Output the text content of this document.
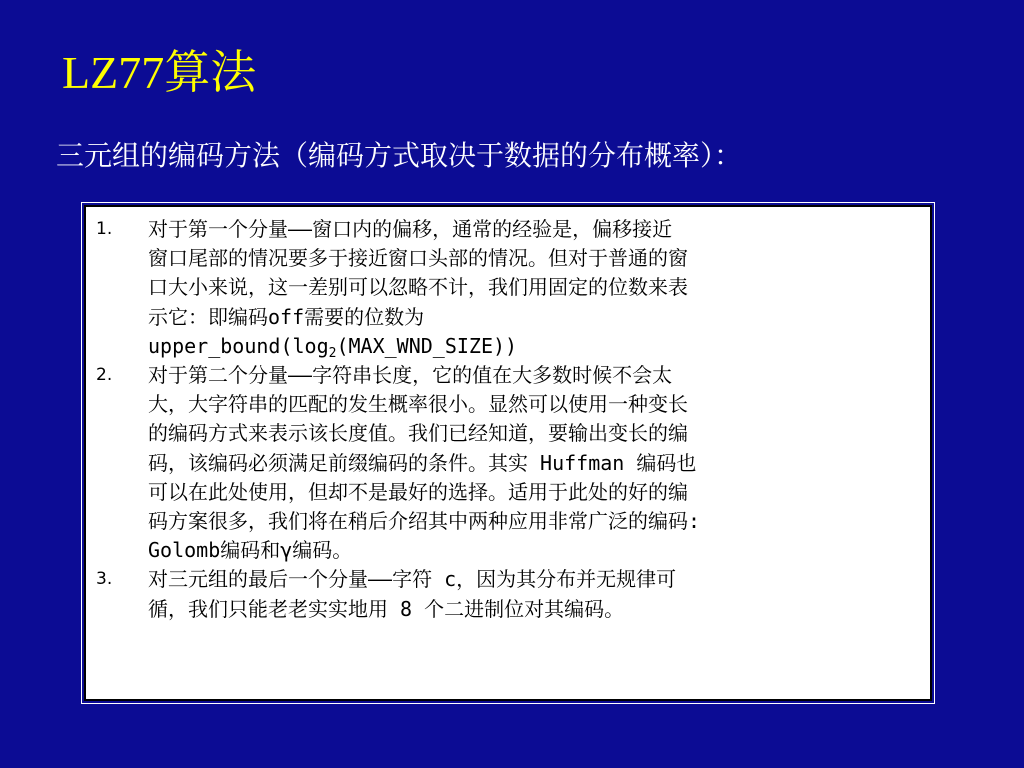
LZ77算法
三元组的编码方法（编码方式取决于数据的分布概率）：
1.	对于第一个分量——窗口内的偏移，通常的经验是，偏移接近
窗口尾部的情况要多于接近窗口头部的情况。但对于普通的窗
口大小来说，这一差别可以忽略不计，我们用固定的位数来表
示它：即编码off需要的位数为
$upper\_bound(\log_2(MAX\_WND\_SIZE))$
2.	对于第二个分量——字符串长度，它的值在大多数时候不会太
大，大字符串的匹配的发生概率很小。显然可以使用一种变长
的编码方式来表示该长度值。我们已经知道，要输出变长的编
码，该编码必须满足前缀编码的条件。其实 Huffman 编码也
可以在此处使用，但却不是最好的选择。适用于此处的好的编
码方案很多，我们将在稍后介绍其中两种应用非常广泛的编码:
Golomb编码和γ编码。
3.	对三元组的最后一个分量——字符 c，因为其分布并无规律可
循，我们只能老老实实地用 8 个二进制位对其编码。
